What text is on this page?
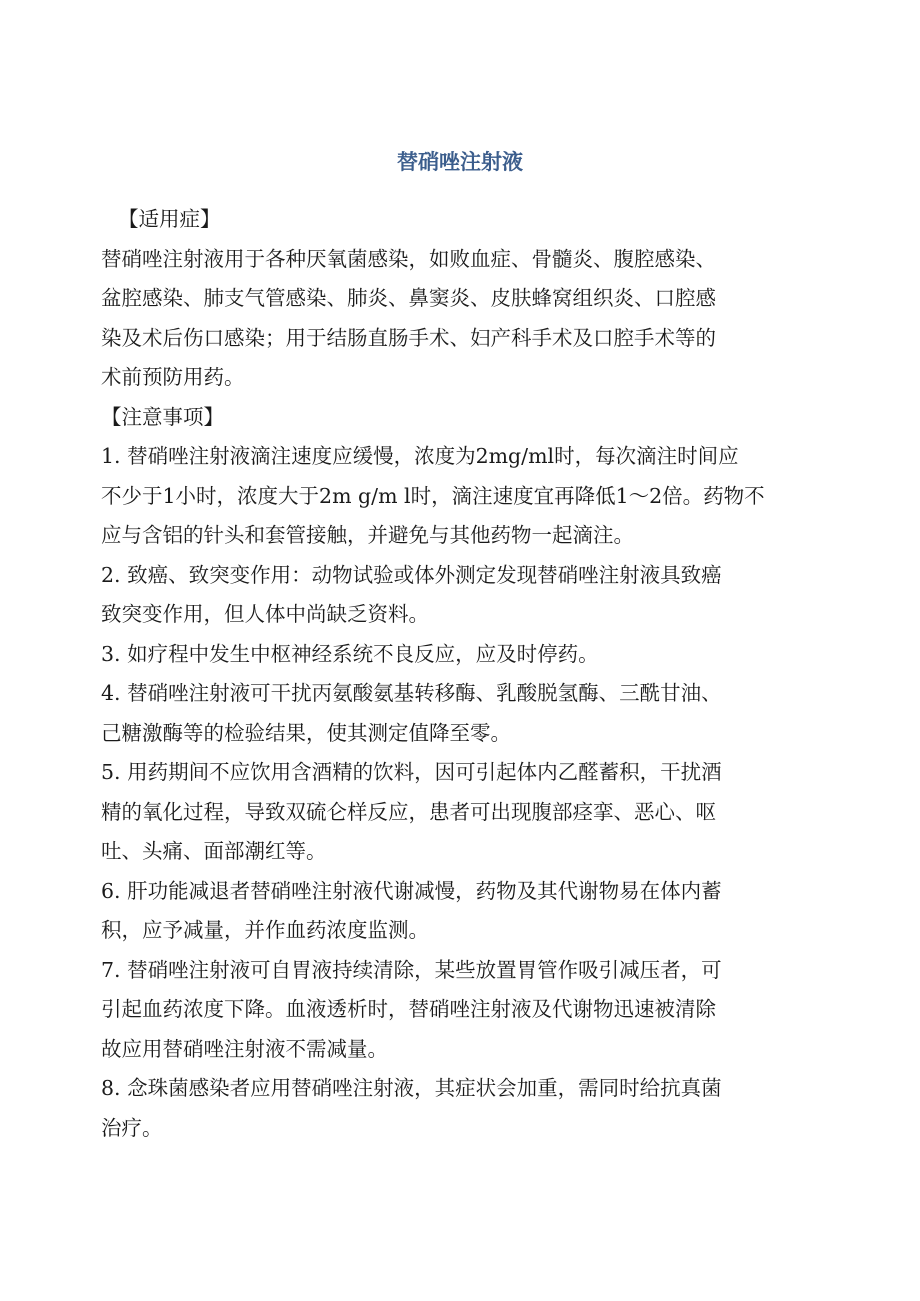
替硝唑注射液
【适用症】
替硝唑注射液用于各种厌氧菌感染，如败血症、骨髓炎、腹腔感染、
盆腔感染、肺支气管感染、肺炎、鼻窦炎、皮肤蜂窝组织炎、口腔感
染及术后伤口感染；用于结肠直肠手术、妇产科手术及口腔手术等的
术前预防用药。
【注意事项】
1. 替硝唑注射液滴注速度应缓慢，浓度为2mg/ml时，每次滴注时间应
不少于1小时，浓度大于2m g/m l时，滴注速度宜再降低1〜2倍。药物不
应与含铝的针头和套管接触，并避免与其他药物一起滴注。
2. 致癌、致突变作用：动物试验或体外测定发现替硝唑注射液具致癌
致突变作用，但人体中尚缺乏资料。
3. 如疗程中发生中枢神经系统不良反应，应及时停药。
4. 替硝唑注射液可干扰丙氨酸氨基转移酶、乳酸脱氢酶、三酰甘油、
己糖激酶等的检验结果，使其测定值降至零。
5. 用药期间不应饮用含酒精的饮料，因可引起体内乙醛蓄积，干扰酒
精的氧化过程，导致双硫仑样反应，患者可出现腹部痉挛、恶心、呕
吐、头痛、面部潮红等。
6. 肝功能减退者替硝唑注射液代谢减慢，药物及其代谢物易在体内蓄
积，应予减量，并作血药浓度监测。
7. 替硝唑注射液可自胃液持续清除，某些放置胃管作吸引减压者，可
引起血药浓度下降。血液透析时，替硝唑注射液及代谢物迅速被清除
故应用替硝唑注射液不需减量。
8. 念珠菌感染者应用替硝唑注射液，其症状会加重，需同时给抗真菌
治疗。
